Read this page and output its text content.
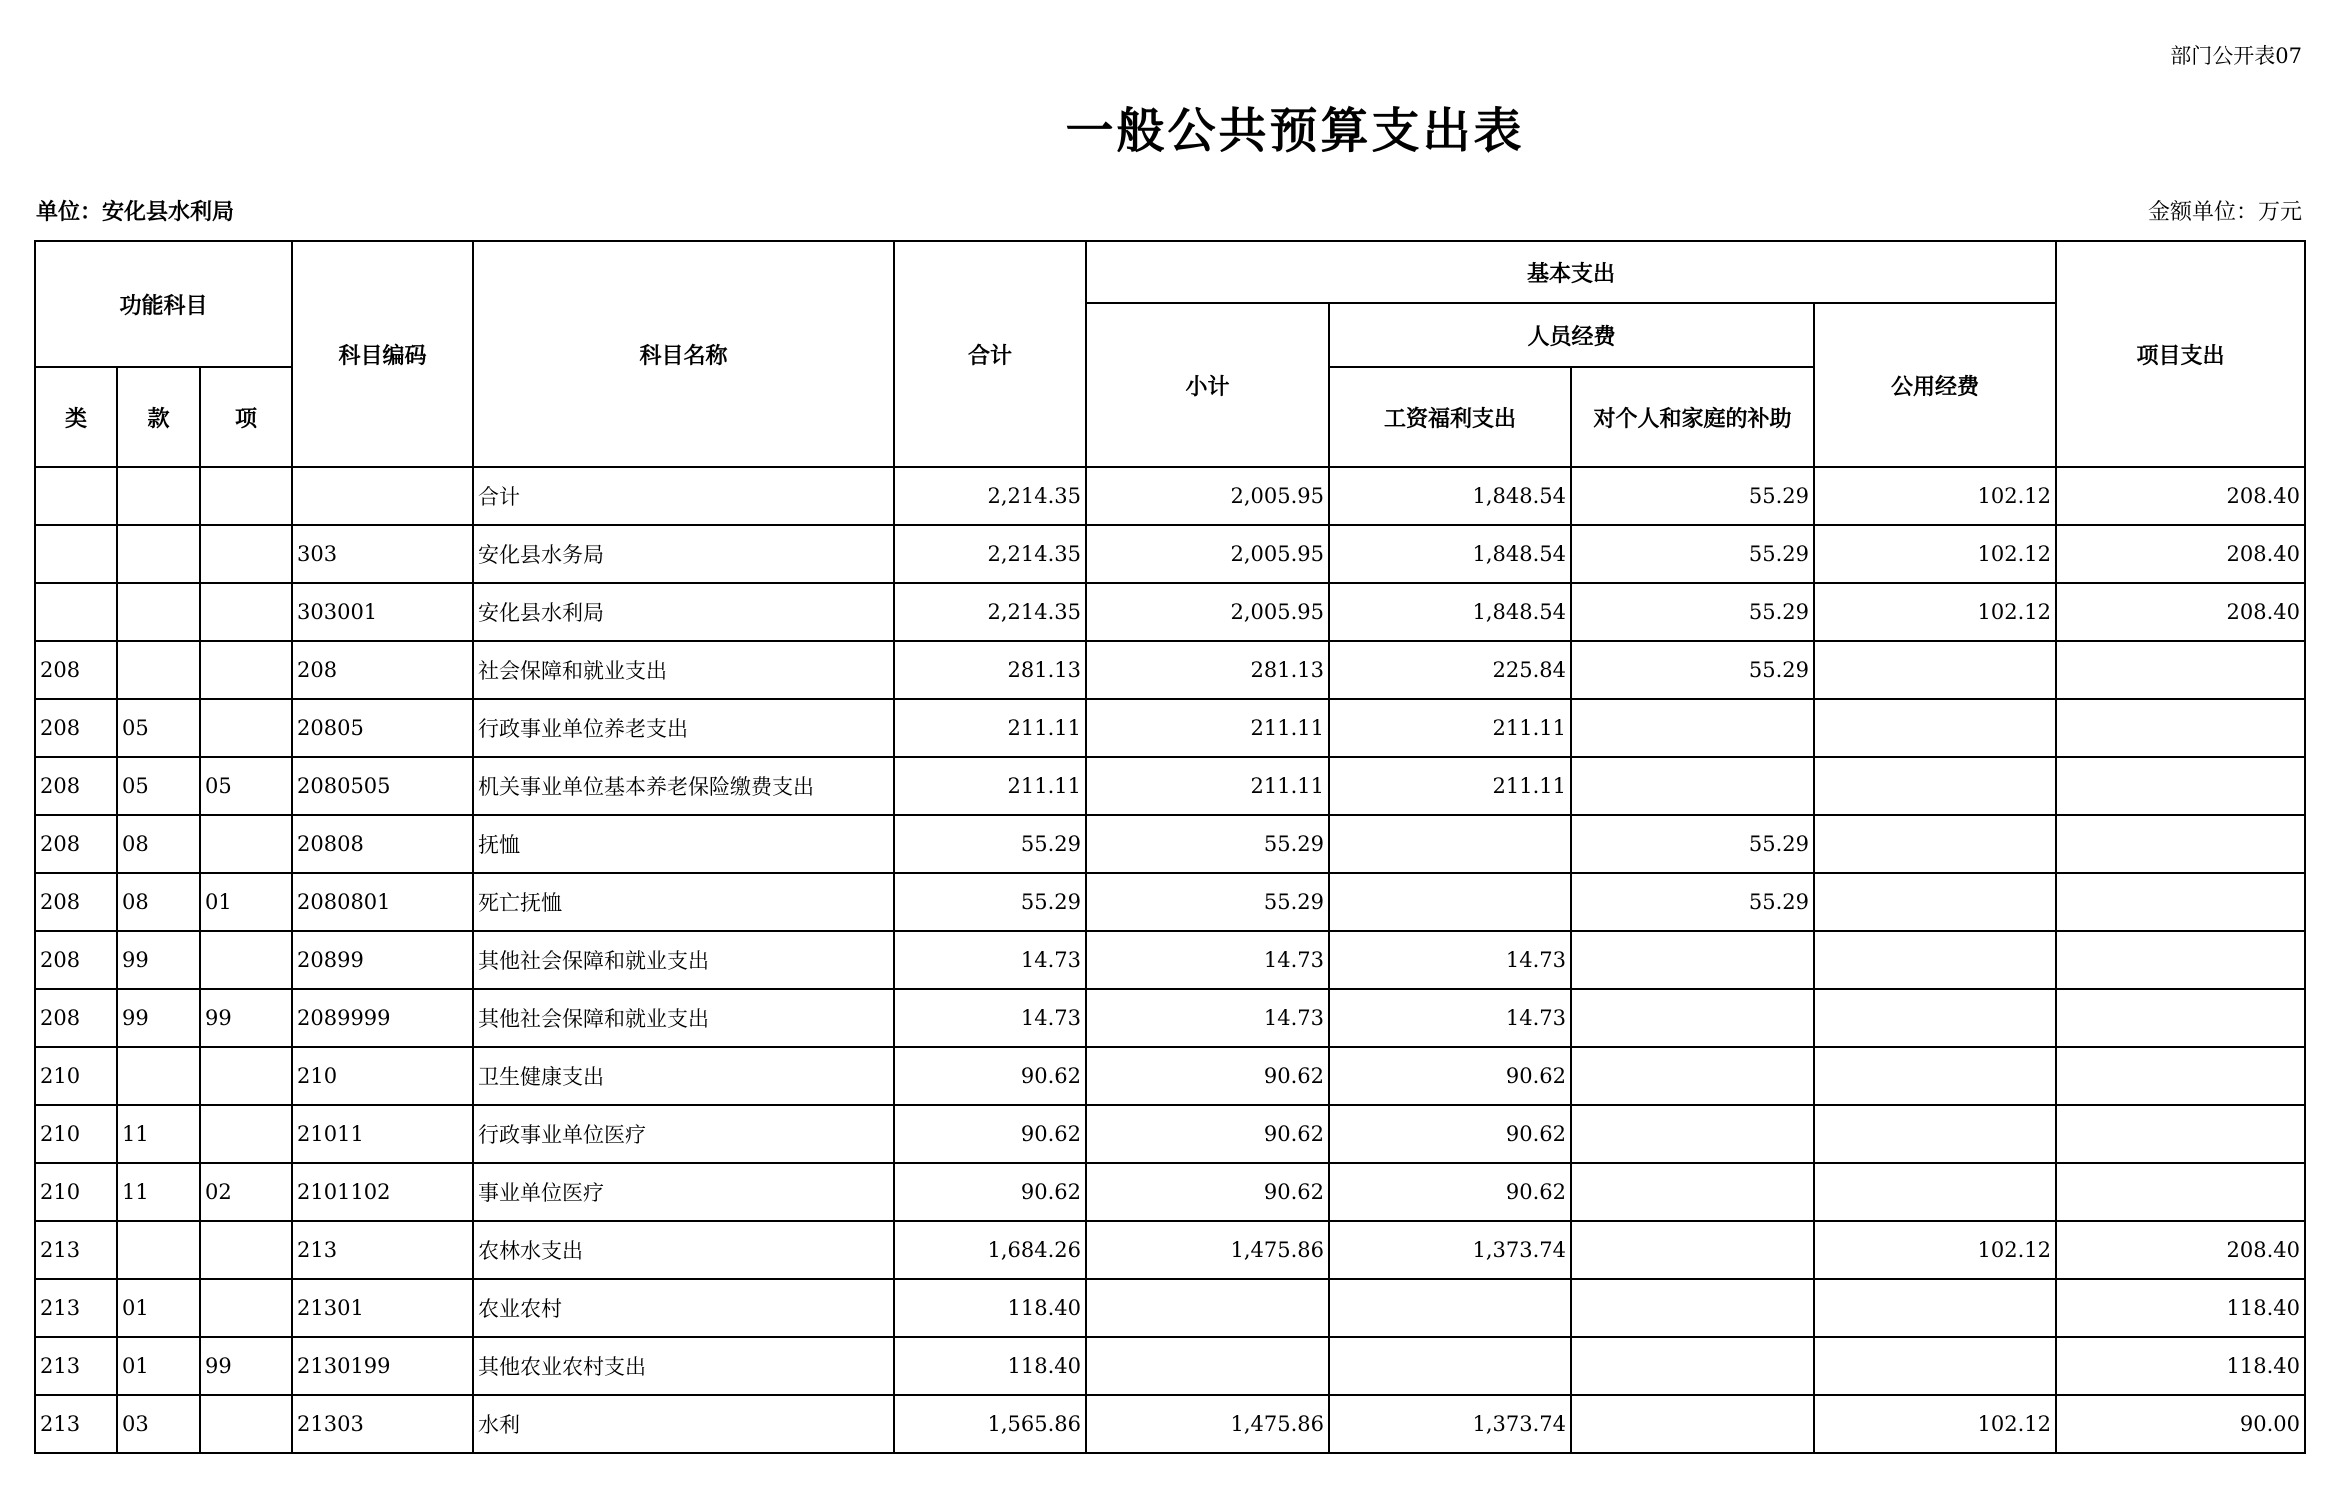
部门公开表07
一般公共预算支出表
单位：安化县水利局	金额单位：万元
功能科目			科目编码	科目名称	合计	基本支出				项目支出
						小计	人员经费		公用经费	
类	款	项					工资福利支出	对个人和家庭的补助		
				合计	2,214.35	2,005.95	1,848.54	55.29	102.12	208.40
			303	安化县水务局	2,214.35	2,005.95	1,848.54	55.29	102.12	208.40
			303001	安化县水利局	2,214.35	2,005.95	1,848.54	55.29	102.12	208.40
208			208	社会保障和就业支出	281.13	281.13	225.84	55.29		
208	05		20805	行政事业单位养老支出	211.11	211.11	211.11			
208	05	05	2080505	机关事业单位基本养老保险缴费支出	211.11	211.11	211.11			
208	08		20808	抚恤	55.29	55.29		55.29		
208	08	01	2080801	死亡抚恤	55.29	55.29		55.29		
208	99		20899	其他社会保障和就业支出	14.73	14.73	14.73			
208	99	99	2089999	其他社会保障和就业支出	14.73	14.73	14.73			
210			210	卫生健康支出	90.62	90.62	90.62			
210	11		21011	行政事业单位医疗	90.62	90.62	90.62			
210	11	02	2101102	事业单位医疗	90.62	90.62	90.62			
213			213	农林水支出	1,684.26	1,475.86	1,373.74		102.12	208.40
213	01		21301	农业农村	118.40					118.40
213	01	99	2130199	其他农业农村支出	118.40					118.40
213	03		21303	水利	1,565.86	1,475.86	1,373.74		102.12	90.00
